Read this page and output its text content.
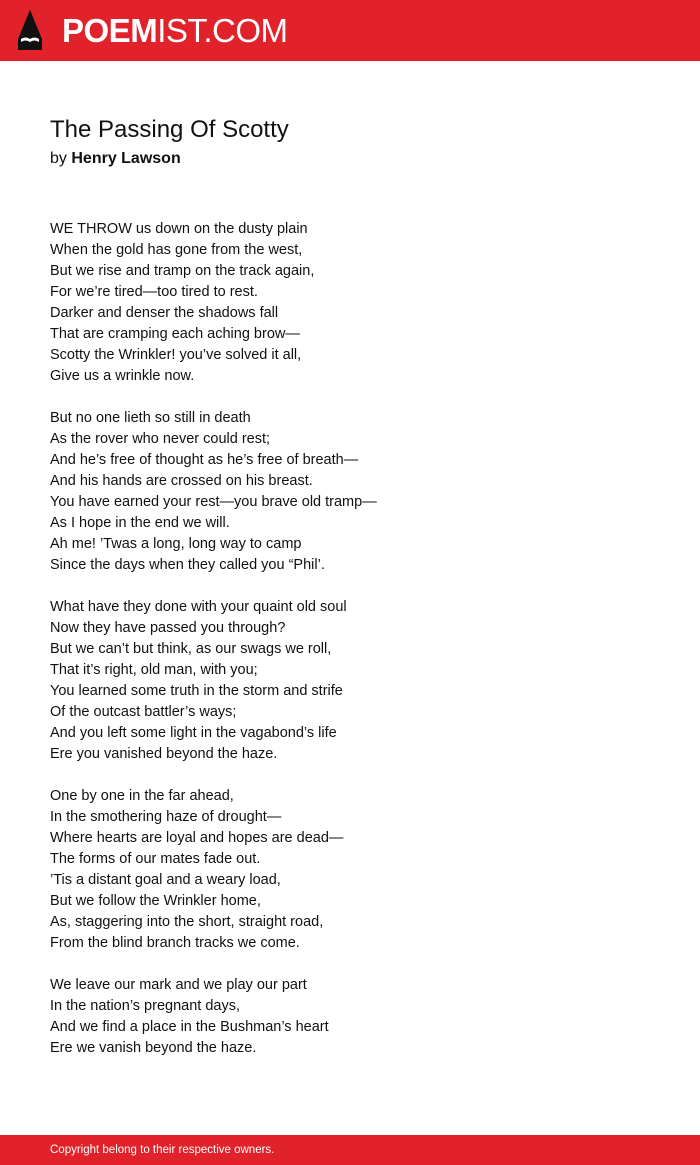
POEMIST.COM
The Passing Of Scotty
by Henry Lawson
WE THROW us down on the dusty plain
When the gold has gone from the west,
But we rise and tramp on the track again,
For we’re tired—too tired to rest.
Darker and denser the shadows fall
That are cramping each aching brow—
Scotty the Wrinkler! you’ve solved it all,
Give us a wrinkle now.
But no one lieth so still in death
As the rover who never could rest;
And he’s free of thought as he’s free of breath—
And his hands are crossed on his breast.
You have earned your rest—you brave old tramp—
As I hope in the end we will.
Ah me! ’Twas a long, long way to camp
Since the days when they called you “Phil’.
What have they done with your quaint old soul
Now they have passed you through?
But we can’t but think, as our swags we roll,
That it’s right, old man, with you;
You learned some truth in the storm and strife
Of the outcast battler’s ways;
And you left some light in the vagabond’s life
Ere you vanished beyond the haze.
One by one in the far ahead,
In the smothering haze of drought—
Where hearts are loyal and hopes are dead—
The forms of our mates fade out.
’Tis a distant goal and a weary load,
But we follow the Wrinkler home,
As, staggering into the short, straight road,
From the blind branch tracks we come.
We leave our mark and we play our part
In the nation’s pregnant days,
And we find a place in the Bushman’s heart
Ere we vanish beyond the haze.
Copyright belong to their respective owners.
